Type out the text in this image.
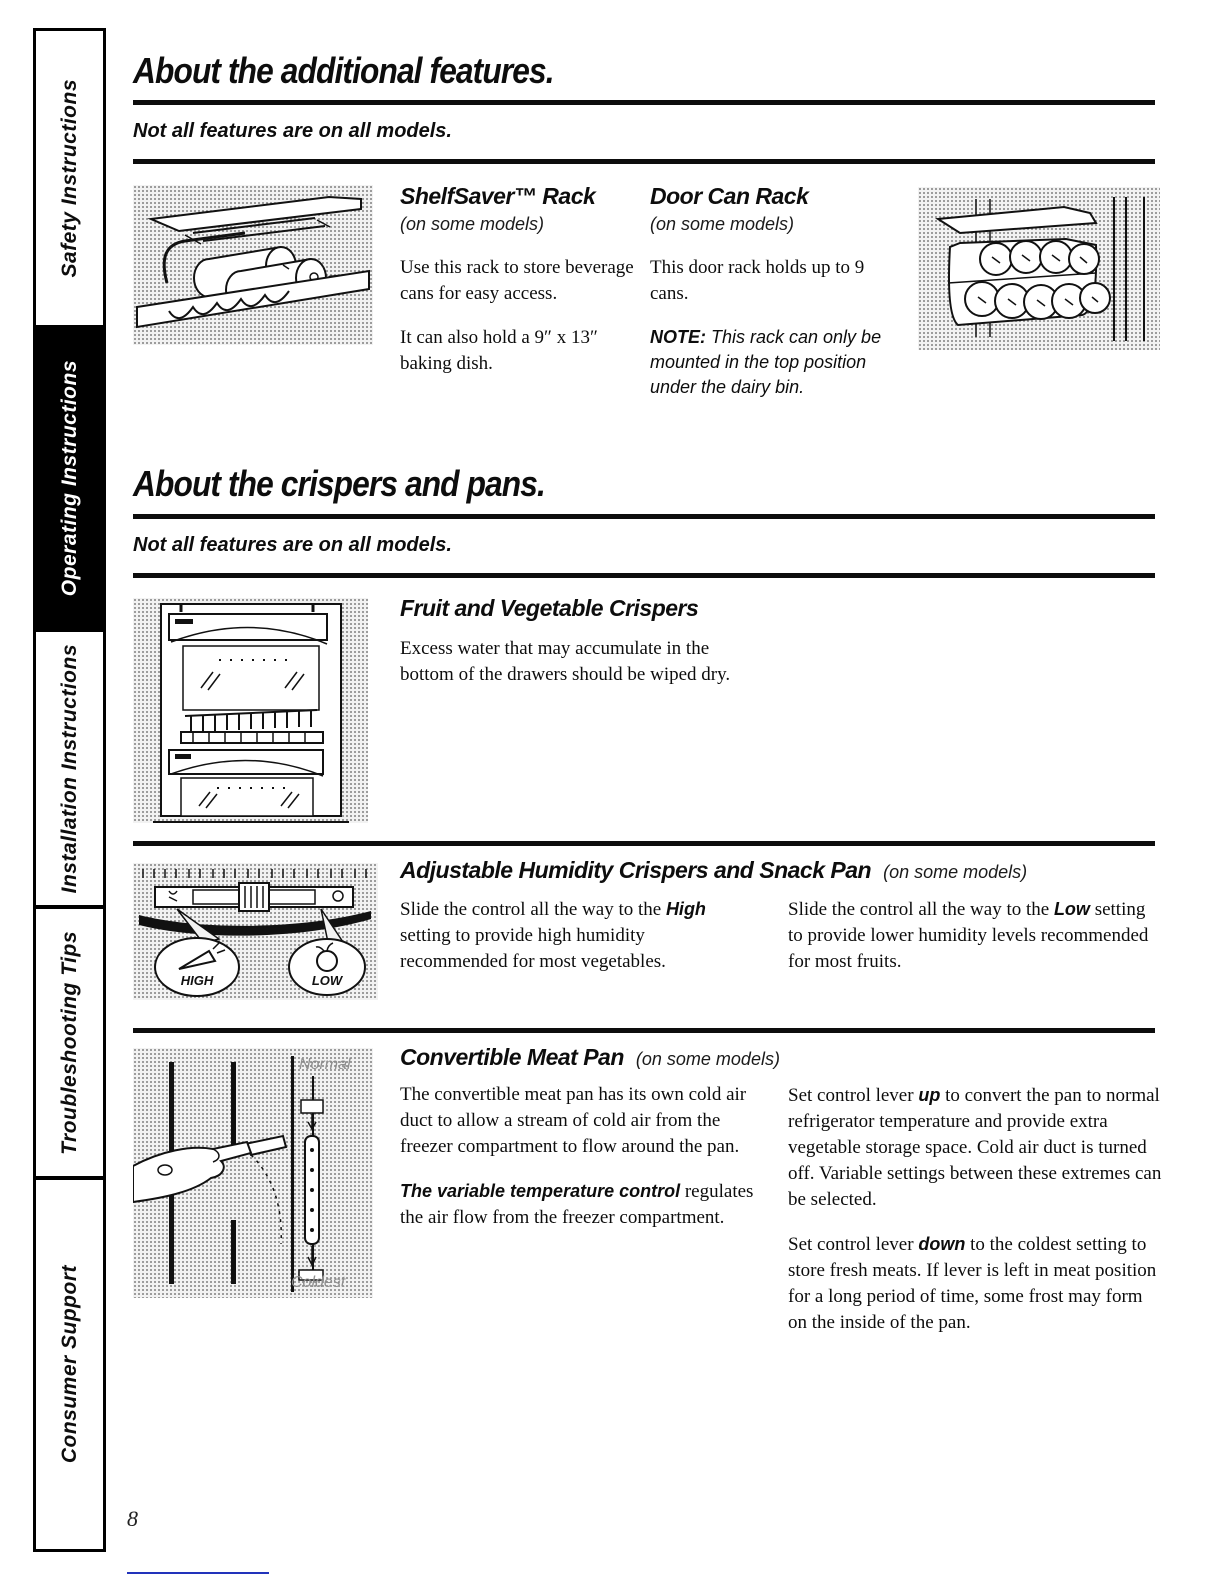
Safety Instructions
Operating Instructions
Installation Instructions
Troubleshooting Tips
Consumer Support
About the additional features.
Not all features are on all models.
ShelfSaver™ Rack
(on some models)

Use this rack to store beverage cans for easy access.

It can also hold a 9″ x 13″ baking dish.

Door Can Rack
(on some models)

This door rack holds up to 9 cans.

NOTE: This rack can only be mounted in the top position under the dairy bin.

About the crispers and pans.
Not all features are on all models.
Fruit and Vegetable Crispers

Excess water that may accumulate in the bottom of the drawers should be wiped dry.

HIGH	LOW
Adjustable Humidity Crispers and Snack Pan (on some models)

Slide the control all the way to the High setting to provide high humidity recommended for most vegetables.

Slide the control all the way to the Low setting to provide lower humidity levels recommended for most fruits.

Normal
Coldest
Convertible Meat Pan (on some models)

The convertible meat pan has its own cold air duct to allow a stream of cold air from the freezer compartment to flow around the pan.

The variable temperature control regulates the air flow from the freezer compartment.

Set control lever up to convert the pan to normal refrigerator temperature and provide extra vegetable storage space. Cold air duct is turned off. Variable settings between these extremes can be selected.

Set control lever down to the coldest setting to store fresh meats. If lever is left in meat position for a long period of time, some frost may form on the inside of the pan.

8
